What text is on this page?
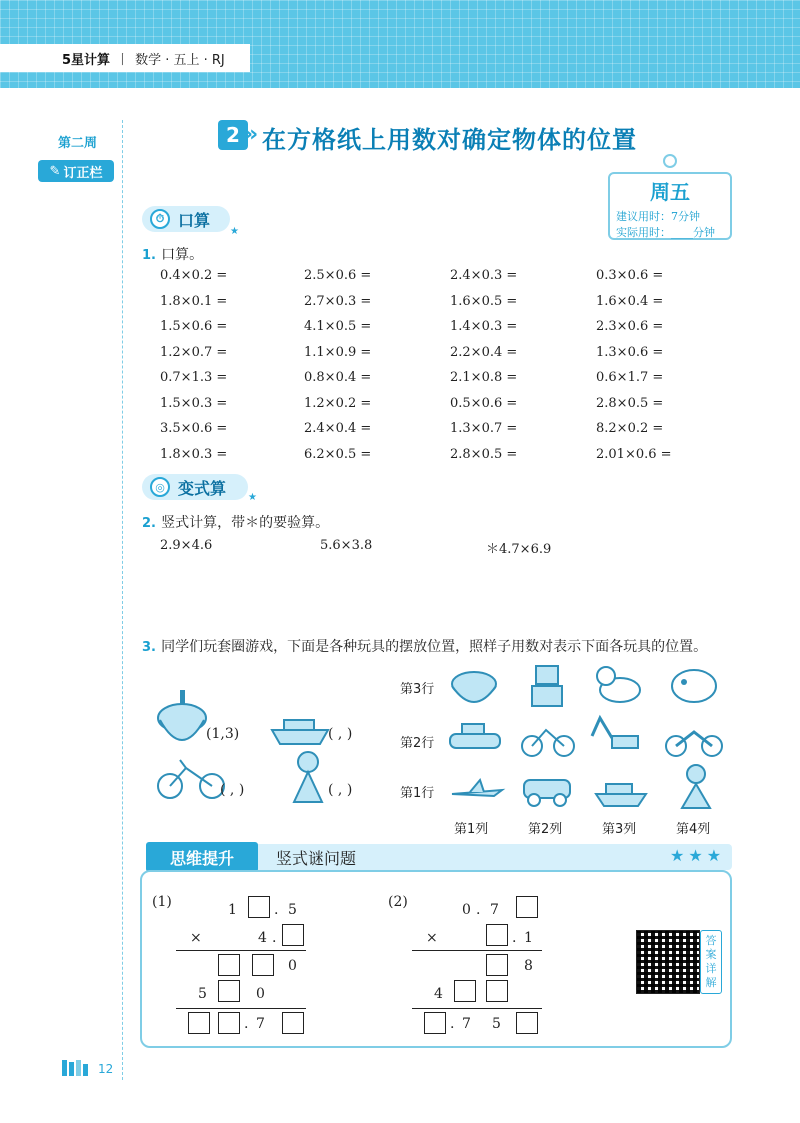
5星计算 丨 数学 · 五上 · RJ
第二周
✎ 订正栏
2 » 在方格纸上用数对确定物体的位置
周五
建议用时：7分钟
实际用时：____分钟
⏱ 口算
★
1. 口算。
0.4×0.2 =	2.5×0.6 =	2.4×0.3 =	0.3×0.6 =
1.8×0.1 =	2.7×0.3 =	1.6×0.5 =	1.6×0.4 =
1.5×0.6 =	4.1×0.5 =	1.4×0.3 =	2.3×0.6 =
1.2×0.7 =	1.1×0.9 =	2.2×0.4 =	1.3×0.6 =
0.7×1.3 =	0.8×0.4 =	2.1×0.8 =	0.6×1.7 =
1.5×0.3 =	1.2×0.2 =	0.5×0.6 =	2.8×0.5 =
3.5×0.6 =	2.4×0.4 =	1.3×0.7 =	8.2×0.2 =
1.8×0.3 =	6.2×0.5 =	2.8×0.5 =	2.01×0.6 =
◎ 变式算 ★
2. 竖式计算，带＊的要验算。
2.9×4.6	5.6×3.8	＊4.7×6.9
3. 同学们玩套圈游戏，下面是各种玩具的摆放位置，照样子用数对表示下面各玩具的位置。
(1,3)	( , )
( , )	( , )
第3行
第2行
第1行
第1列	第2列	第3列	第4列
思维提升	竖式谜问题	★★★
(1)	1	. 5
×	4 .
0
5	0
. 7
(2)	0 . 7
×	. 1
8
4
. 7 5
答
案
详
解
12
